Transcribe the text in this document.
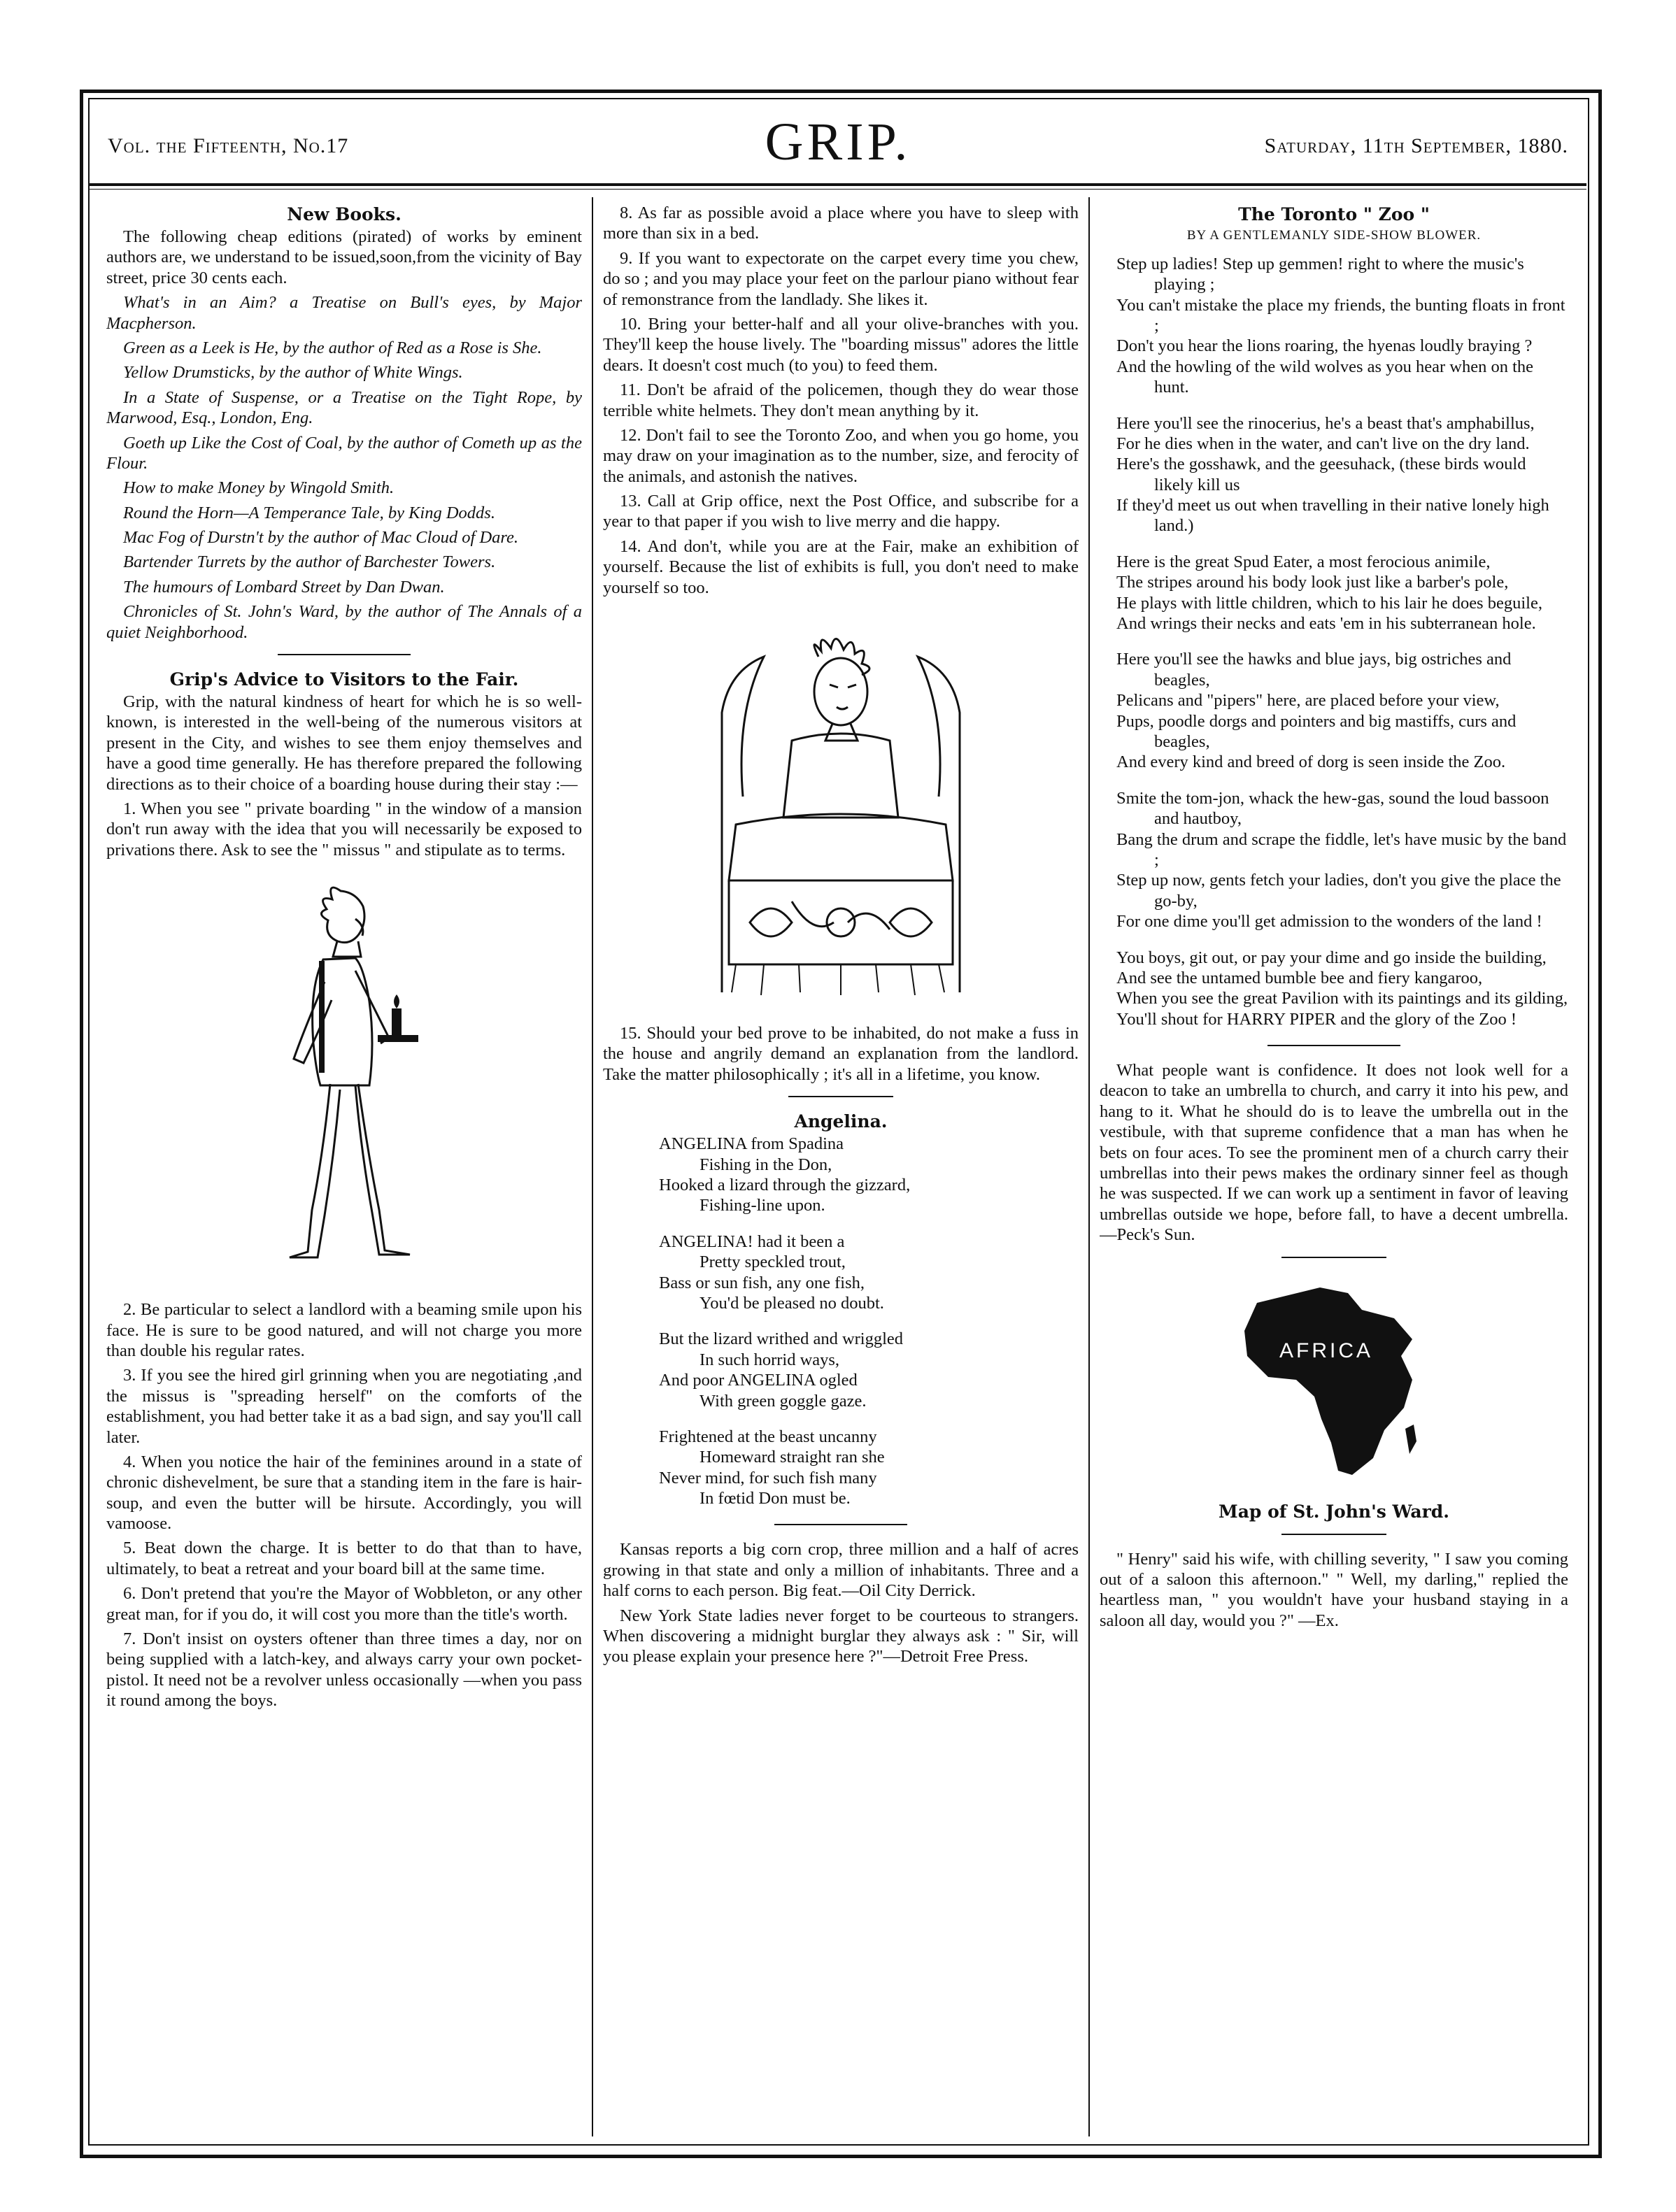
Vol. the Fifteenth, No.17	GRIP.	Saturday, 11th September, 1880.
New Books.

The following cheap editions (pirated) of works by eminent authors are, we understand to be issued,soon,from the vicinity of Bay street, price 30 cents each.

What's in an Aim? a Treatise on Bull's eyes, by Major Macpherson.

Green as a Leek is He, by the author of Red as a Rose is She.

Yellow Drumsticks, by the author of White Wings.

In a State of Suspense, or a Treatise on the Tight Rope, by Marwood, Esq., London, Eng.

Goeth up Like the Cost of Coal, by the author of Cometh up as the Flour.

How to make Money by Wingold Smith.

Round the Horn—A Temperance Tale, by King Dodds.

Mac Fog of Durstn't by the author of Mac Cloud of Dare.

Bartender Turrets by the author of Barchester Towers.

The humours of Lombard Street by Dan Dwan.

Chronicles of St. John's Ward, by the author of The Annals of a quiet Neighborhood.

Grip's Advice to Visitors to the Fair.

Grip, with the natural kindness of heart for which he is so well-known, is interested in the well-being of the numerous visitors at present in the City, and wishes to see them enjoy themselves and have a good time generally. He has therefore prepared the following directions as to their choice of a boarding house during their stay :—

1. When you see " private boarding " in the window of a mansion don't run away with the idea that you will necessarily be exposed to privations there. Ask to see the " missus " and stipulate as to terms.

2. Be particular to select a landlord with a beaming smile upon his face. He is sure to be good natured, and will not charge you more than double his regular rates.

3. If you see the hired girl grinning when you are negotiating ,and the missus is "spreading herself" on the comforts of the establishment, you had better take it as a bad sign, and say you'll call later.

4. When you notice the hair of the feminines around in a state of chronic dishevelment, be sure that a standing item in the fare is hair-soup, and even the butter will be hirsute. Accordingly, you will vamoose.

5. Beat down the charge. It is better to do that than to have, ultimately, to beat a retreat and your board bill at the same time.

6. Don't pretend that you're the Mayor of Wobbleton, or any other great man, for if you do, it will cost you more than the title's worth.

7. Don't insist on oysters oftener than three times a day, nor on being supplied with a latch-key, and always carry your own pocket-pistol. It need not be a revolver unless occasionally —when you pass it round among the boys.

8. As far as possible avoid a place where you have to sleep with more than six in a bed.

9. If you want to expectorate on the carpet every time you chew, do so ; and you may place your feet on the parlour piano without fear of remonstrance from the landlady. She likes it.

10. Bring your better-half and all your olive-branches with you. They'll keep the house lively. The "boarding missus" adores the little dears. It doesn't cost much (to you) to feed them.

11. Don't be afraid of the policemen, though they do wear those terrible white helmets. They don't mean anything by it.

12. Don't fail to see the Toronto Zoo, and when you go home, you may draw on your imagination as to the number, size, and ferocity of the animals, and astonish the natives.

13. Call at Grip office, next the Post Office, and subscribe for a year to that paper if you wish to live merry and die happy.

14. And don't, while you are at the Fair, make an exhibition of yourself. Because the list of exhibits is full, you don't need to make yourself so too.

15. Should your bed prove to be inhabited, do not make a fuss in the house and angrily demand an explanation from the landlord. Take the matter philosophically ; it's all in a lifetime, you know.

Angelina.

ANGELINA from Spadina

Fishing in the Don,

Hooked a lizard through the gizzard,

Fishing-line upon.

ANGELINA! had it been a

Pretty speckled trout,

Bass or sun fish, any one fish,

You'd be pleased no doubt.

But the lizard writhed and wriggled

In such horrid ways,

And poor ANGELINA ogled

With green goggle gaze.

Frightened at the beast uncanny

Homeward straight ran she

Never mind, for such fish many

In fœtid Don must be.

Kansas reports a big corn crop, three million and a half of acres growing in that state and only a million of inhabitants. Three and a half corns to each person. Big feat.—Oil City Derrick.

New York State ladies never forget to be courteous to strangers. When discovering a midnight burglar they always ask : " Sir, will you please explain your presence here ?"—Detroit Free Press.

The Toronto " Zoo "
BY A GENTLEMANLY SIDE-SHOW BLOWER.

Step up ladies! Step up gemmen! right to where the music's playing ;

You can't mistake the place my friends, the bunting floats in front ;

Don't you hear the lions roaring, the hyenas loudly braying ?

And the howling of the wild wolves as you hear when on the hunt.

Here you'll see the rinocerius, he's a beast that's amphabillus,

For he dies when in the water, and can't live on the dry land.

Here's the gosshawk, and the geesuhack, (these birds would likely kill us

If they'd meet us out when travelling in their native lonely high land.)

Here is the great Spud Eater, a most ferocious animile,

The stripes around his body look just like a barber's pole,

He plays with little children, which to his lair he does beguile,

And wrings their necks and eats 'em in his subterranean hole.

Here you'll see the hawks and blue jays, big ostriches and beagles,

Pelicans and "pipers" here, are placed before your view,

Pups, poodle dorgs and pointers and big mastiffs, curs and beagles,

And every kind and breed of dorg is seen inside the Zoo.

Smite the tom-jon, whack the hew-gas, sound the loud bassoon and hautboy,

Bang the drum and scrape the fiddle, let's have music by the band ;

Step up now, gents fetch your ladies, don't you give the place the go-by,

For one dime you'll get admission to the wonders of the land !

You boys, git out, or pay your dime and go inside the building,

And see the untamed bumble bee and fiery kangaroo,

When you see the great Pavilion with its paintings and its gilding,

You'll shout for HARRY PIPER and the glory of the Zoo !

What people want is confidence. It does not look well for a deacon to take an umbrella to church, and carry it into his pew, and hang to it. What he should do is to leave the umbrella out in the vestibule, with that supreme confidence that a man has when he bets on four aces. To see the prominent men of a church carry their umbrellas into their pews makes the ordinary sinner feel as though he was suspected. If we can work up a sentiment in favor of leaving umbrellas outside we hope, before fall, to have a decent umbrella.—Peck's Sun.

AFRICA
Map of St. John's Ward.

" Henry" said his wife, with chilling severity, " I saw you coming out of a saloon this afternoon." " Well, my darling," replied the heartless man, " you wouldn't have your husband staying in a saloon all day, would you ?" —Ex.
